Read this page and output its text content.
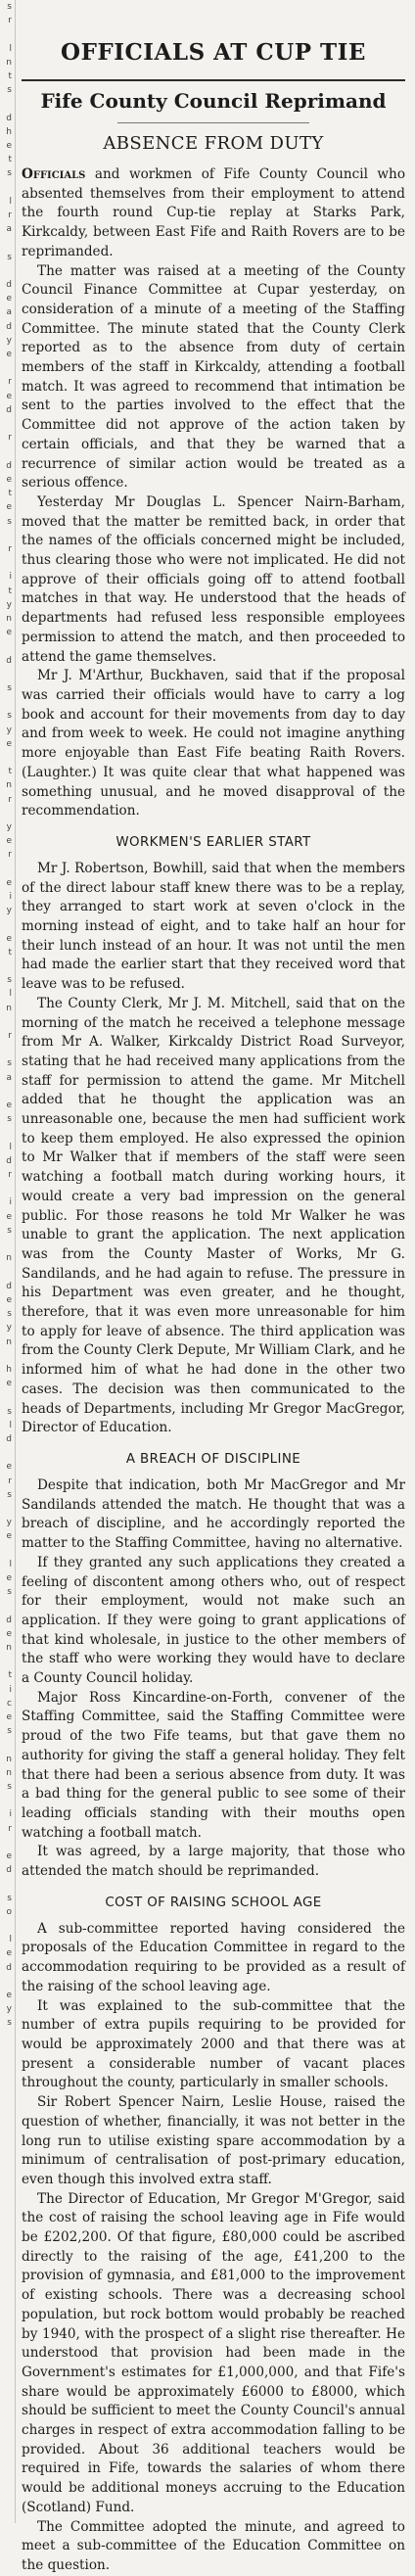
s
r

l
n
t
s

d
h
e
t
s

l
r
a

s

d
e
a
d
y
e

r
e
d

r

d
e
t
e
s

r

i
t
y
n
e

d

s

s
y
e

t
n
r

y
e
r

e
i
y

e
t

s
l
n

r

s
a

e
s

l
d
r

i
e
s

n

d
e
s
y
n

h
e

s
l
d

e
r
s

y
e

l
e
s

d
e
n

t
i
c
e
s

n
n
s

i
r

e
d

s
o

l
e
d

e
y
s
OFFICIALS AT CUP TIE
Fife County Council Reprimand
ABSENCE FROM DUTY

Officials and workmen of Fife County Council who absented themselves from their employment to attend the fourth round Cup-tie replay at Starks Park, Kirkcaldy, between East Fife and Raith Rovers are to be reprimanded.

The matter was raised at a meeting of the County Council Finance Committee at Cupar yesterday, on consideration of a minute of a meeting of the Staffing Committee. The minute stated that the County Clerk reported as to the absence from duty of certain members of the staff in Kirkcaldy, attending a football match. It was agreed to recommend that intimation be sent to the parties involved to the effect that the Committee did not approve of the action taken by certain officials, and that they be warned that a recurrence of similar action would be treated as a serious offence.

Yesterday Mr Douglas L. Spencer Nairn-Barham, moved that the matter be remitted back, in order that the names of the officials concerned might be included, thus clearing those who were not implicated. He did not approve of their officials going off to attend football matches in that way. He understood that the heads of departments had refused less responsible employees permission to attend the match, and then proceeded to attend the game themselves.

Mr J. M'Arthur, Buckhaven, said that if the proposal was carried their officials would have to carry a log book and account for their movements from day to day and from week to week. He could not imagine anything more enjoyable than East Fife beating Raith Rovers. (Laughter.) It was quite clear that what happened was something unusual, and he moved disapproval of the recommendation.

WORKMEN'S EARLIER START

Mr J. Robertson, Bowhill, said that when the members of the direct labour staff knew there was to be a replay, they arranged to start work at seven o'clock in the morning instead of eight, and to take half an hour for their lunch instead of an hour. It was not until the men had made the earlier start that they received word that leave was to be refused.

The County Clerk, Mr J. M. Mitchell, said that on the morning of the match he received a telephone message from Mr A. Walker, Kirkcaldy District Road Surveyor, stating that he had received many applications from the staff for permission to attend the game. Mr Mitchell added that he thought the application was an unreasonable one, because the men had sufficient work to keep them employed. He also expressed the opinion to Mr Walker that if members of the staff were seen watching a football match during working hours, it would create a very bad impression on the general public. For those reasons he told Mr Walker he was unable to grant the application. The next application was from the County Master of Works, Mr G. Sandilands, and he had again to refuse. The pressure in his Department was even greater, and he thought, therefore, that it was even more unreasonable for him to apply for leave of absence. The third application was from the County Clerk Depute, Mr William Clark, and he informed him of what he had done in the other two cases. The decision was then communicated to the heads of Departments, including Mr Gregor MacGregor, Director of Education.

A BREACH OF DISCIPLINE

Despite that indication, both Mr MacGregor and Mr Sandilands attended the match. He thought that was a breach of discipline, and he accordingly reported the matter to the Staffing Committee, having no alternative.

If they granted any such applications they created a feeling of discontent among others who, out of respect for their employment, would not make such an application. If they were going to grant applications of that kind wholesale, in justice to the other members of the staff who were working they would have to declare a County Council holiday.

Major Ross Kincardine-on-Forth, convener of the Staffing Committee, said the Staffing Committee were proud of the two Fife teams, but that gave them no authority for giving the staff a general holiday. They felt that there had been a serious absence from duty. It was a bad thing for the general public to see some of their leading officials standing with their mouths open watching a football match.

It was agreed, by a large majority, that those who attended the match should be reprimanded.

COST OF RAISING SCHOOL AGE

A sub-committee reported having considered the proposals of the Education Committee in regard to the accommodation requiring to be provided as a result of the raising of the school leaving age.

It was explained to the sub-committee that the number of extra pupils requiring to be provided for would be approximately 2000 and that there was at present a considerable number of vacant places throughout the county, particularly in smaller schools.

Sir Robert Spencer Nairn, Leslie House, raised the question of whether, financially, it was not better in the long run to utilise existing spare accommodation by a minimum of centralisation of post-primary education, even though this involved extra staff.

The Director of Education, Mr Gregor M'Gregor, said the cost of raising the school leaving age in Fife would be £202,200. Of that figure, £80,000 could be ascribed directly to the raising of the age, £41,200 to the provision of gymnasia, and £81,000 to the improvement of existing schools. There was a decreasing school population, but rock bottom would probably be reached by 1940, with the prospect of a slight rise thereafter. He understood that provision had been made in the Government's estimates for £1,000,000, and that Fife's share would be approximately £6000 to £8000, which should be sufficient to meet the County Council's annual charges in respect of extra accommodation falling to be provided. About 36 additional teachers would be required in Fife, towards the salaries of whom there would be additional moneys accruing to the Education (Scotland) Fund.

The Committee adopted the minute, and agreed to meet a sub-committee of the Education Committee on the question.
